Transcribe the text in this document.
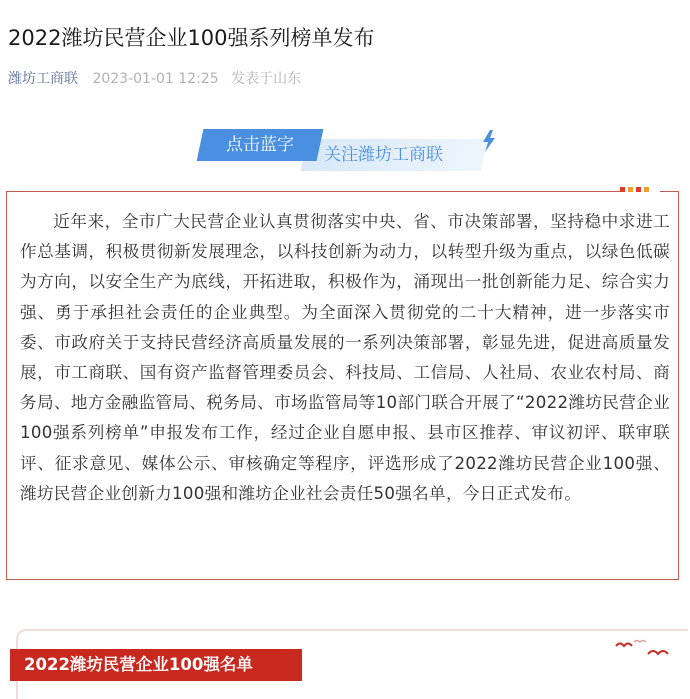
2022潍坊民营企业100强系列榜单发布
潍坊工商联 2023-01-01 12:25 发表于山东
点击蓝字	关注潍坊工商联

近年来，全市广大民营企业认真贯彻落实中央、省、市决策部署，坚持稳中求进工作总基调，积极贯彻新发展理念，以科技创新为动力，以转型升级为重点，以绿色低碳为方向，以安全生产为底线，开拓进取，积极作为，涌现出一批创新能力足、综合实力强、勇于承担社会责任的企业典型。为全面深入贯彻党的二十大精神，进一步落实市委、市政府关于支持民营经济高质量发展的一系列决策部署，彰显先进，促进高质量发展，市工商联、国有资产监督管理委员会、科技局、工信局、人社局、农业农村局、商务局、地方金融监管局、税务局、市场监管局等10部门联合开展了“2022潍坊民营企业100强系列榜单”申报发布工作，经过企业自愿申报、县市区推荐、审议初评、联审联评、征求意见、媒体公示、审核确定等程序，评选形成了2022潍坊民营企业100强、潍坊民营企业创新力100强和潍坊企业社会责任50强名单，今日正式发布。

2022潍坊民营企业100强名单
